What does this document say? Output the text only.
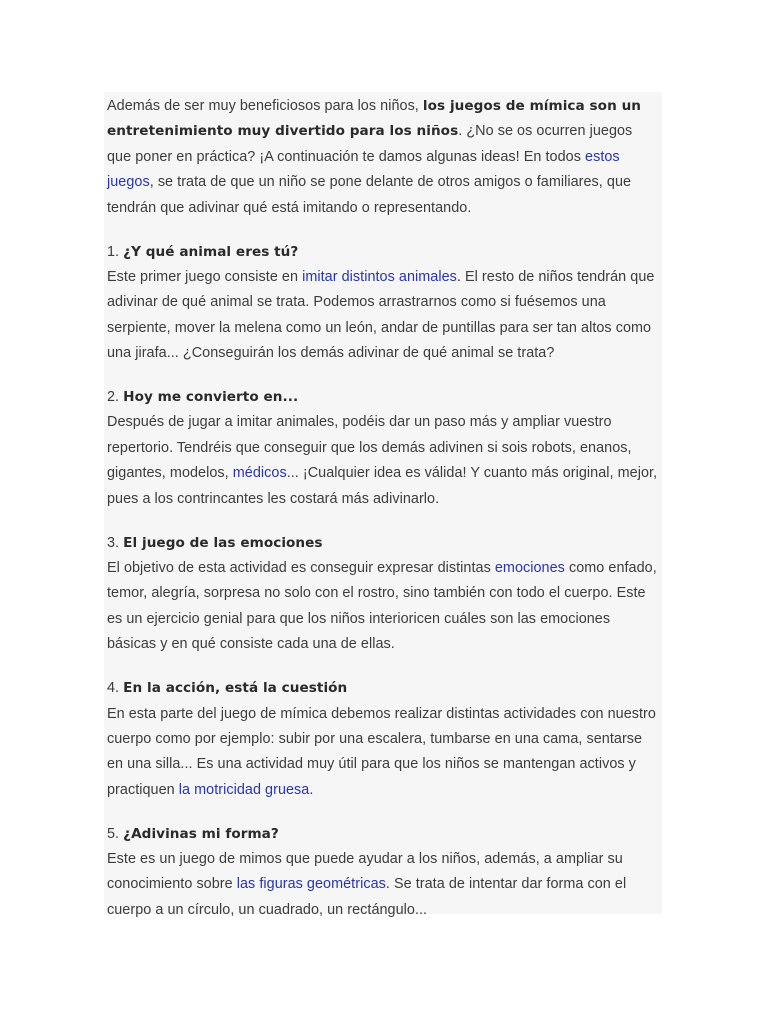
Además de ser muy beneficiosos para los niños, los juegos de mímica son un entretenimiento muy divertido para los niños. ¿No se os ocurren juegos que poner en práctica? ¡A continuación te damos algunas ideas! En todos estos juegos, se trata de que un niño se pone delante de otros amigos o familiares, que tendrán que adivinar qué está imitando o representando.

1. ¿Y qué animal eres tú?

Este primer juego consiste en imitar distintos animales. El resto de niños tendrán que adivinar de qué animal se trata. Podemos arrastrarnos como si fuésemos una serpiente, mover la melena como un león, andar de puntillas para ser tan altos como una jirafa... ¿Conseguirán los demás adivinar de qué animal se trata?

2. Hoy me convierto en...

Después de jugar a imitar animales, podéis dar un paso más y ampliar vuestro repertorio. Tendréis que conseguir que los demás adivinen si sois robots, enanos, gigantes, modelos, médicos... ¡Cualquier idea es válida! Y cuanto más original, mejor, pues a los contrincantes les costará más adivinarlo.

3. El juego de las emociones

El objetivo de esta actividad es conseguir expresar distintas emociones como enfado, temor, alegría, sorpresa no solo con el rostro, sino también con todo el cuerpo. Este es un ejercicio genial para que los niños interioricen cuáles son las emociones básicas y en qué consiste cada una de ellas.

4. En la acción, está la cuestión

En esta parte del juego de mímica debemos realizar distintas actividades con nuestro cuerpo como por ejemplo: subir por una escalera, tumbarse en una cama, sentarse en una silla... Es una actividad muy útil para que los niños se mantengan activos y practiquen la motricidad gruesa.

5. ¿Adivinas mi forma?

Este es un juego de mimos que puede ayudar a los niños, además, a ampliar su conocimiento sobre las figuras geométricas. Se trata de intentar dar forma con el cuerpo a un círculo, un cuadrado, un rectángulo...
